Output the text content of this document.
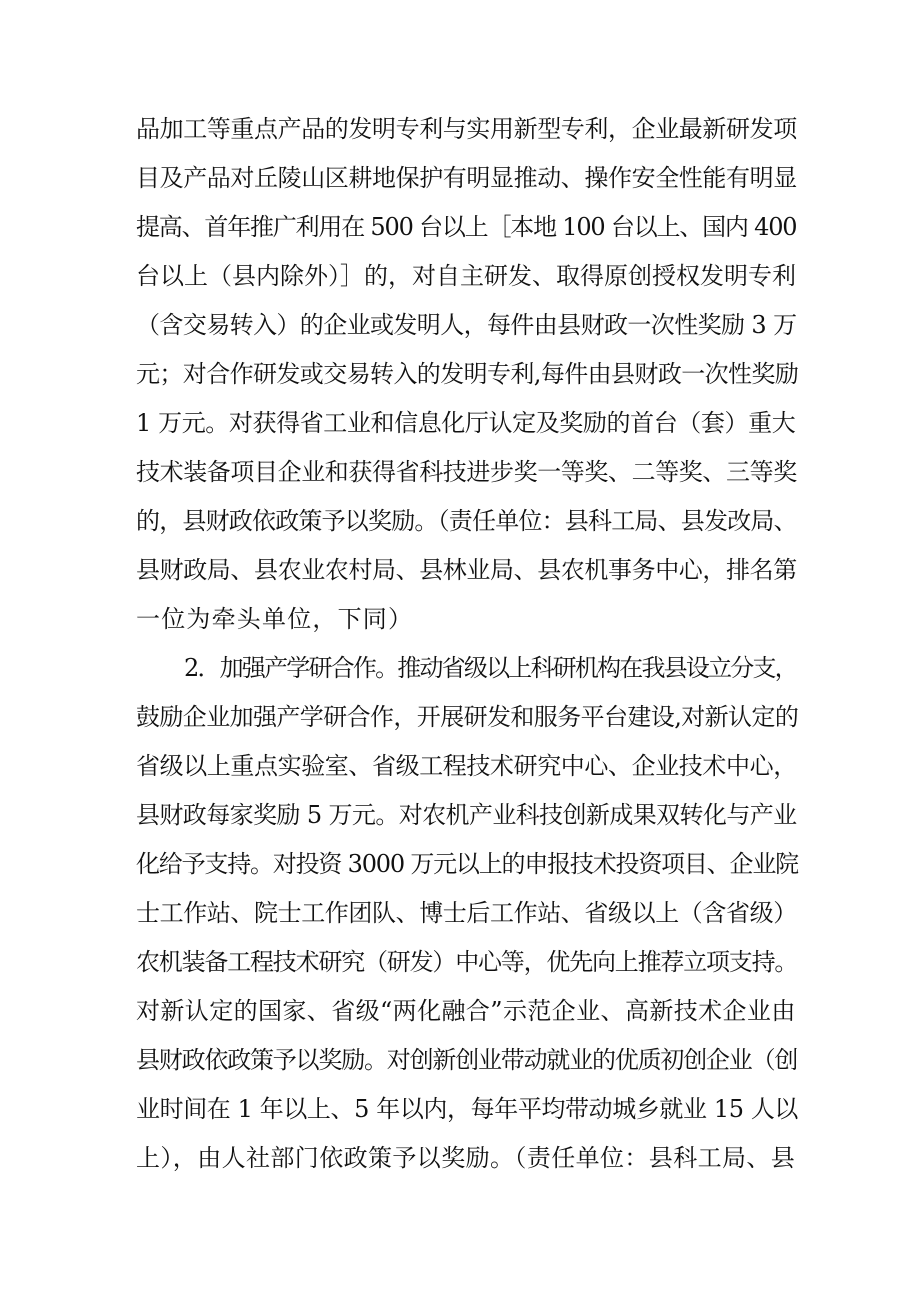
品加工等重点产品的发明专利与实用新型专利，企业最新研发项
目及产品对丘陵山区耕地保护有明显推动、操作安全性能有明显
提高、首年推广利用在 500 台以上［本地 100 台以上、国内 400
台以上（县内除外）］的，对自主研发、取得原创授权发明专利
（含交易转入）的企业或发明人，每件由县财政一次性奖励 3 万
元；对合作研发或交易转入的发明专利,每件由县财政一次性奖励
1 万元。对获得省工业和信息化厅认定及奖励的首台（套）重大
技术装备项目企业和获得省科技进步奖一等奖、二等奖、三等奖
的，县财政依政策予以奖励。（责任单位：县科工局、县发改局、
县财政局、县农业农村局、县林业局、县农机事务中心，排名第
一位为牵头单位，下同）
2．加强产学研合作。推动省级以上科研机构在我县设立分支，
鼓励企业加强产学研合作，开展研发和服务平台建设,对新认定的
省级以上重点实验室、省级工程技术研究中心、企业技术中心，
县财政每家奖励 5 万元。对农机产业科技创新成果双转化与产业
化给予支持。对投资 3000 万元以上的申报技术投资项目、企业院
士工作站、院士工作团队、博士后工作站、省级以上（含省级）
农机装备工程技术研究（研发）中心等，优先向上推荐立项支持。
对新认定的国家、省级“两化融合”示范企业、高新技术企业由
县财政依政策予以奖励。对创新创业带动就业的优质初创企业（创
业时间在 1 年以上、5 年以内，每年平均带动城乡就业 15 人以
上），由人社部门依政策予以奖励。（责任单位：县科工局、县
